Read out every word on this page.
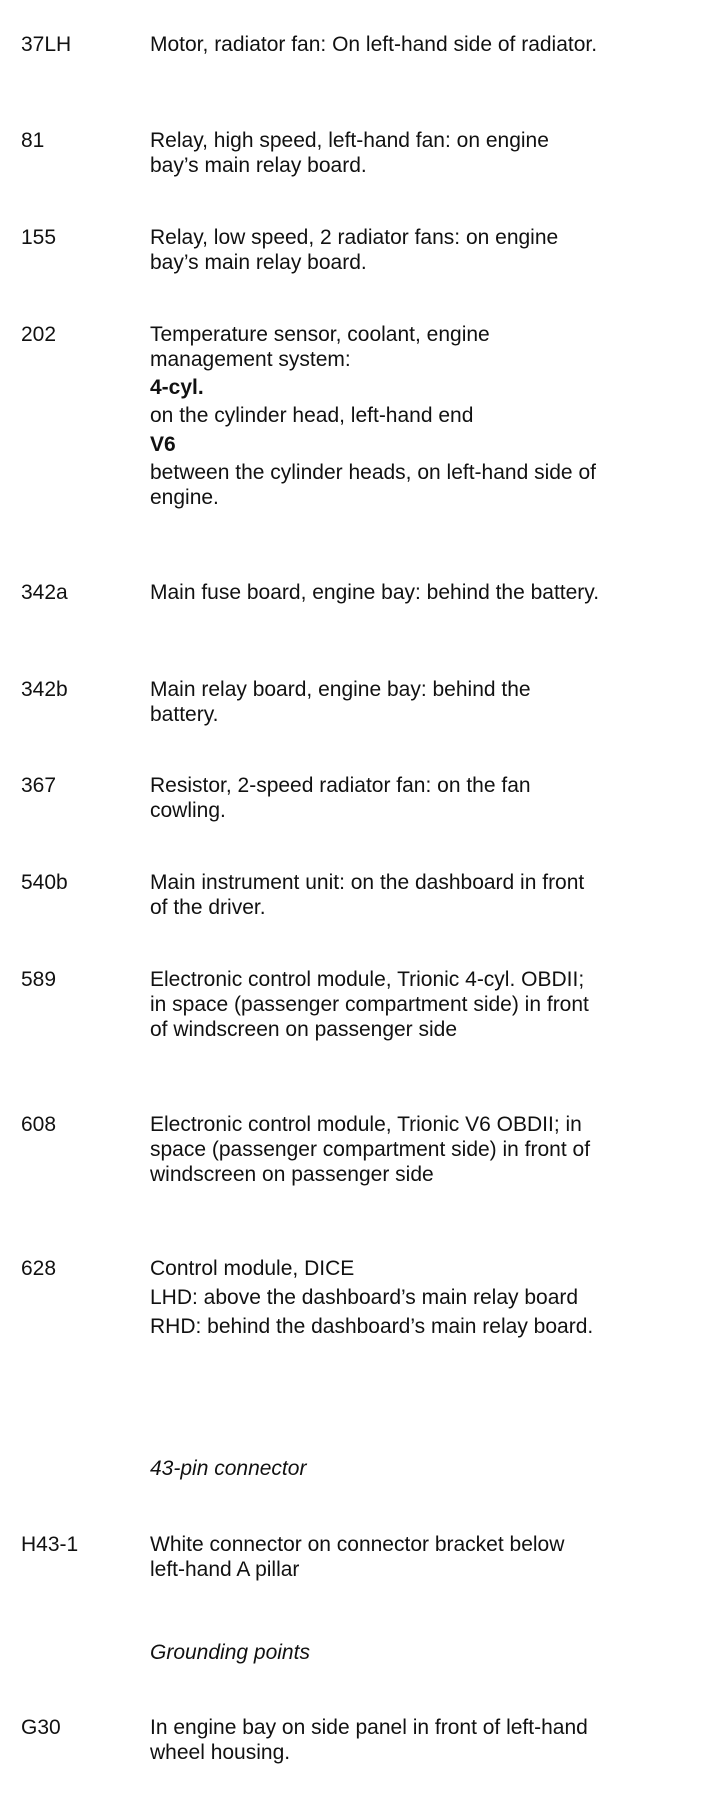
37LH	Motor, radiator fan: On left-hand side of radiator.
81	Relay, high speed, left-hand fan: on engine bay’s main relay board.
155	Relay, low speed, 2 radiator fans: on engine bay’s main relay board.
202	Temperature sensor, coolant, engine management system:

4-cyl.

on the cylinder head, left-hand end

V6

between the cylinder heads, on left-hand side of engine.

342a	Main fuse board, engine bay: behind the battery.
342b	Main relay board, engine bay: behind the battery.
367	Resistor, 2-speed radiator fan: on the fan cowling.
540b	Main instrument unit: on the dashboard in front of the driver.
589	Electronic control module, Trionic 4-cyl. OBDII; in space (passenger compartment side) in front of windscreen on passenger side
608	Electronic control module, Trionic V6 OBDII; in space (passenger compartment side) in front of windscreen on passenger side
628	Control module, DICE

LHD: above the dashboard’s main relay board

RHD: behind the dashboard’s main relay board.

43-pin connector
H43-1	White connector on connector bracket below left-hand A pillar
Grounding points
G30	In engine bay on side panel in front of left-hand wheel housing.
